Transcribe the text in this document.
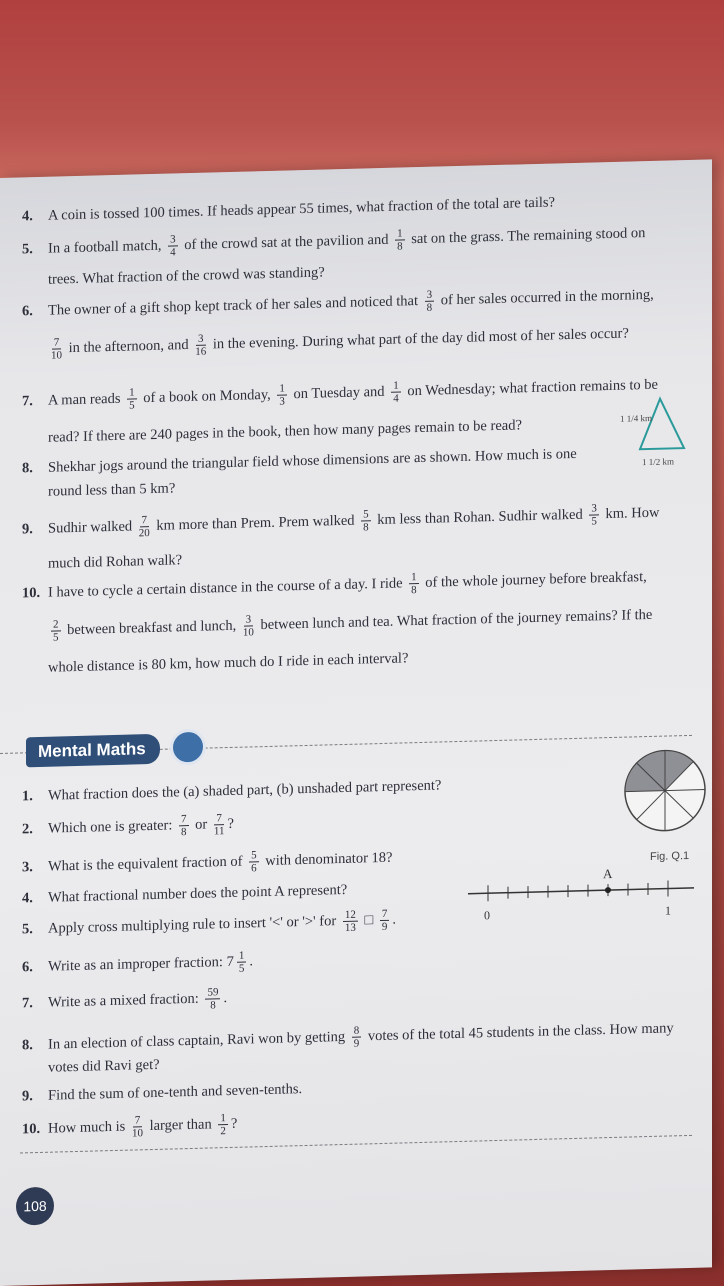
4. A coin is tossed 100 times. If heads appear 55 times, what fraction of the total are tails?
5. In a football match, $\frac{3}{4}$ of the crowd sat at the pavilion and $\frac{1}{8}$ sat on the grass. The remaining stood on
trees. What fraction of the crowd was standing?
6. The owner of a gift shop kept track of her sales and noticed that $\frac{3}{8}$ of her sales occurred in the morning,
$\frac{7}{10}$ in the afternoon, and $\frac{3}{16}$ in the evening. During what part of the day did most of her sales occur?
7. A man reads $\frac{1}{5}$ of a book on Monday, $\frac{1}{3}$ on Tuesday and $\frac{1}{4}$ on Wednesday; what fraction remains to be
read? If there are 240 pages in the book, then how many pages remain to be read?
8. Shekhar jogs around the triangular field whose dimensions are as shown. How much is one
round less than 5 km?
1 1/4 km
1 1/2 km
9. Sudhir walked $\frac{7}{20}$ km more than Prem. Prem walked $\frac{5}{8}$ km less than Rohan. Sudhir walked $\frac{3}{5}$ km. How
much did Rohan walk?
10. I have to cycle a certain distance in the course of a day. I ride $\frac{1}{8}$ of the whole journey before breakfast,
$\frac{2}{5}$ between breakfast and lunch, $\frac{3}{10}$ between lunch and tea. What fraction of the journey remains? If the
whole distance is 80 km, how much do I ride in each interval?
Mental Maths
1. What fraction does the (a) shaded part, (b) unshaded part represent?
2. Which one is greater: $\frac{7}{8}$ or $\frac{7}{11}$ ?
3. What is the equivalent fraction of $\frac{5}{6}$ with denominator 18?
4. What fractional number does the point A represent?
5. Apply cross multiplying rule to insert '<' or '>' for $\frac{12}{13}$ □ $\frac{7}{9}$ .
6. Write as an improper fraction: $7 \frac{1}{5}$ .
7. Write as a mixed fraction: $\frac{59}{8}$ .
8. In an election of class captain, Ravi won by getting $\frac{8}{9}$ votes of the total 45 students in the class. How many
votes did Ravi get?
9. Find the sum of one-tenth and seven-tenths.
10. How much is $\frac{7}{10}$ larger than $\frac{1}{2}$ ?
Fig. Q.1
A
0	1
108
